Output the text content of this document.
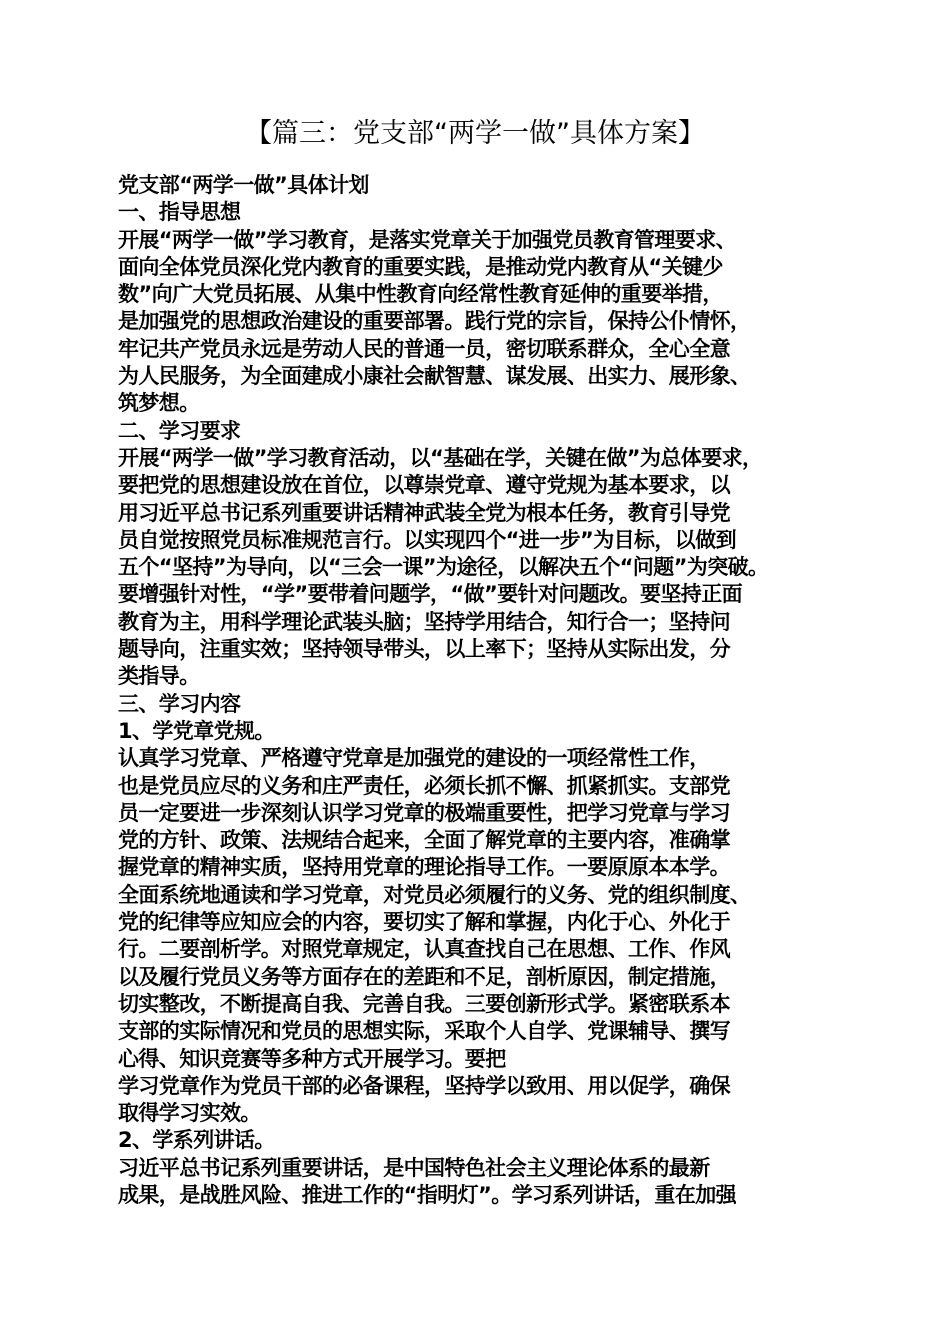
【篇三：党支部“两学一做”具体方案】
党支部“两学一做”具体计划
一、指导思想
开展“两学一做”学习教育，是落实党章关于加强党员教育管理要求、
面向全体党员深化党内教育的重要实践，是推动党内教育从“关键少
数”向广大党员拓展、从集中性教育向经常性教育延伸的重要举措，
是加强党的思想政治建设的重要部署。践行党的宗旨，保持公仆情怀，
牢记共产党员永远是劳动人民的普通一员，密切联系群众，全心全意
为人民服务，为全面建成小康社会献智慧、谋发展、出实力、展形象、
筑梦想。
二、学习要求
开展“两学一做”学习教育活动，以“基础在学，关键在做”为总体要求，
要把党的思想建设放在首位，以尊崇党章、遵守党规为基本要求，以
用习近平总书记系列重要讲话精神武装全党为根本任务，教育引导党
员自觉按照党员标准规范言行。以实现四个“进一步”为目标，以做到
五个“坚持”为导向，以“三会一课”为途径，以解决五个“问题”为突破。
要增强针对性，“学”要带着问题学，“做”要针对问题改。要坚持正面
教育为主，用科学理论武装头脑；坚持学用结合，知行合一；坚持问
题导向，注重实效；坚持领导带头，以上率下；坚持从实际出发，分
类指导。
三、学习内容
1、学党章党规。
认真学习党章、严格遵守党章是加强党的建设的一项经常性工作，
也是党员应尽的义务和庄严责任，必须长抓不懈、抓紧抓实。支部党
员一定要进一步深刻认识学习党章的极端重要性，把学习党章与学习
党的方针、政策、法规结合起来，全面了解党章的主要内容，准确掌
握党章的精神实质，坚持用党章的理论指导工作。一要原原本本学。
全面系统地通读和学习党章，对党员必须履行的义务、党的组织制度、
党的纪律等应知应会的内容，要切实了解和掌握，内化于心、外化于
行。二要剖析学。对照党章规定，认真查找自己在思想、工作、作风
以及履行党员义务等方面存在的差距和不足，剖析原因，制定措施，
切实整改，不断提高自我、完善自我。三要创新形式学。紧密联系本
支部的实际情况和党员的思想实际，采取个人自学、党课辅导、撰写
心得、知识竞赛等多种方式开展学习。要把
学习党章作为党员干部的必备课程，坚持学以致用、用以促学，确保
取得学习实效。
2、学系列讲话。
习近平总书记系列重要讲话，是中国特色社会主义理论体系的最新
成果，是战胜风险、推进工作的“指明灯”。学习系列讲话，重在加强
